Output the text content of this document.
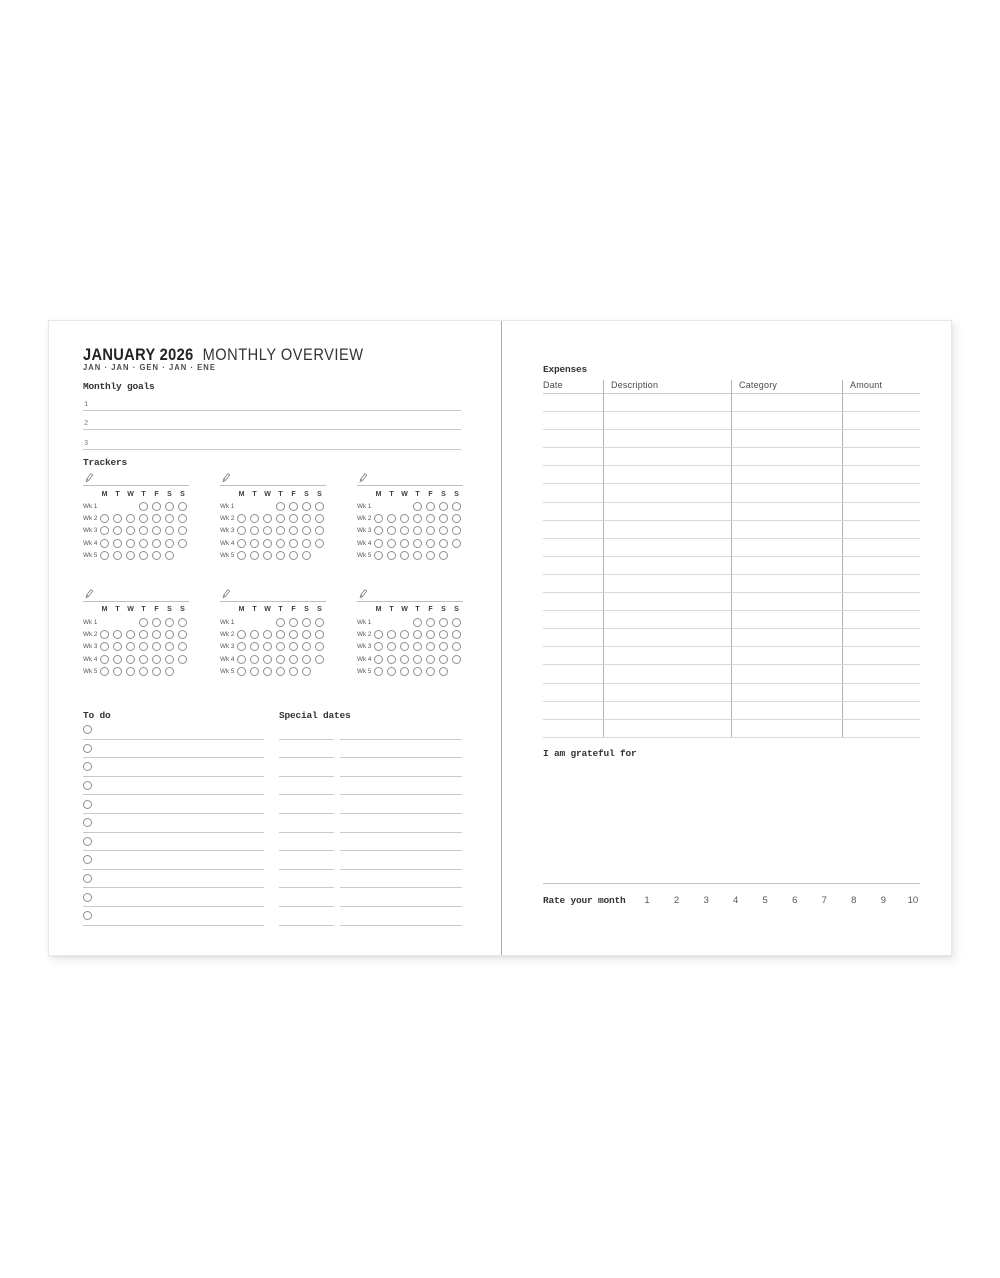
JANUARY 2026 MONTHLY OVERVIEW
JAN · JAN · GEN · JAN · ENE
Monthly goals
1
2
3
Trackers
M	T	W	T	F	S	S
Wk 1
Wk 2
Wk 3
Wk 4
Wk 5
M	T	W	T	F	S	S
Wk 1
Wk 2
Wk 3
Wk 4
Wk 5
M	T	W	T	F	S	S
Wk 1
Wk 2
Wk 3
Wk 4
Wk 5
M	T	W	T	F	S	S
Wk 1
Wk 2
Wk 3
Wk 4
Wk 5
M	T	W	T	F	S	S
Wk 1
Wk 2
Wk 3
Wk 4
Wk 5
M	T	W	T	F	S	S
Wk 1
Wk 2
Wk 3
Wk 4
Wk 5
To do	Special dates
Expenses
Date	Description	Category	Amount
I am grateful for
Rate your month	1	2	3	4	5	6	7	8	9	10
